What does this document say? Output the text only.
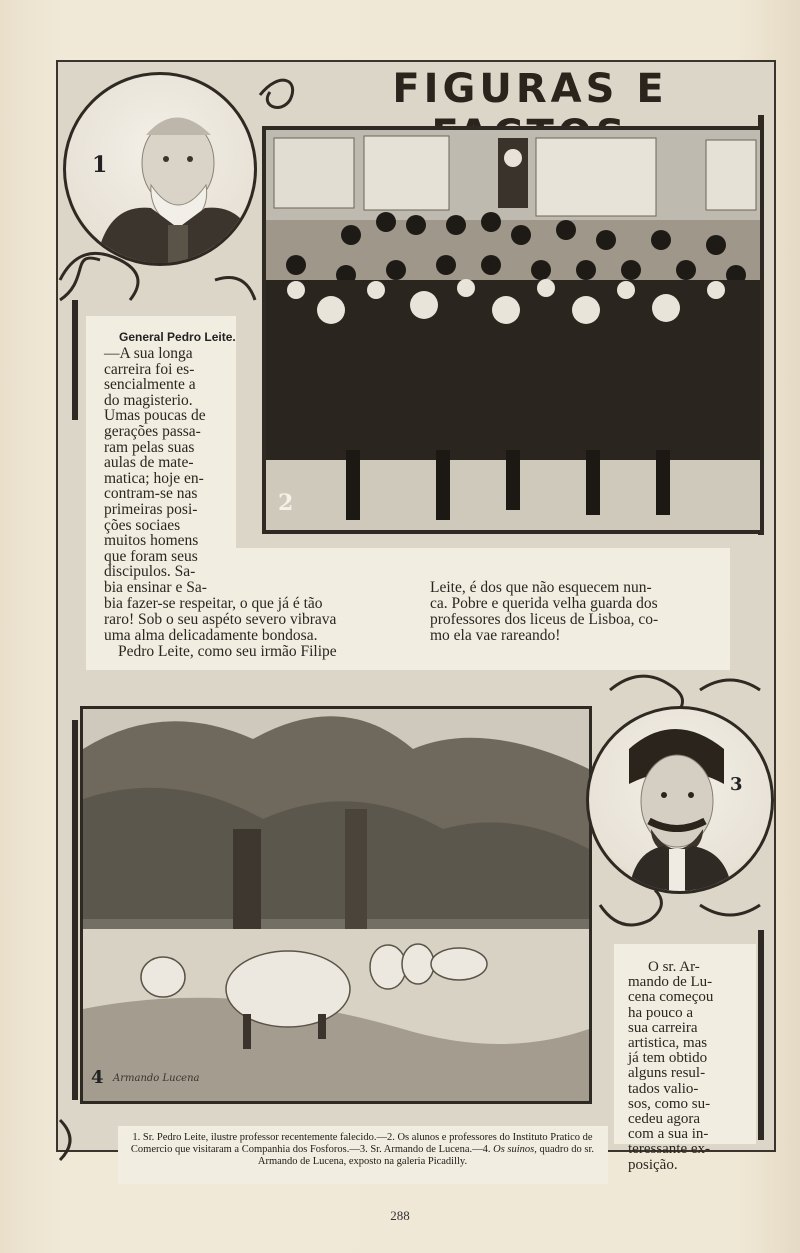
FIGURAS E
1
2
General Pedro Leite.
—A sua longa
carreira foi es-
sencialmente a
do magisterio.
Umas poucas de
gerações passa-
ram pelas suas
aulas de mate-
matica; hoje en-
contram-se nas
primeiras posi-
ções sociaes
muitos homens
que foram seus
discipulos. Sa-
bia ensinar e Sa-
bia fazer-se respeitar, o que já é tão
raro! Sob o seu aspéto severo vibrava
uma alma delicadamente bondosa.
Pedro Leite, como seu irmão Filipe
Leite, é dos que não esquecem nun-
ca. Pobre e querida velha guarda dos
professores dos liceus de Lisboa, co-
mo ela vae rareando!
4 Armando Lucena
3
O sr. Ar-
mando de Lu-
cena começou
ha pouco a
sua carreira
artistica, mas
já tem obtido
alguns resul-
tados valio-
sos, como su-
cedeu agora
com a sua in-
teressante ex-
posição.
1. Sr. Pedro Leite, ilustre professor recentemente falecido.—2. Os alunos e professores do Instituto Pratico de Comercio que visitaram a Companhia dos Fosforos.—3. Sr. Armando de Lucena.—4. Os suinos, quadro do sr. Armando de Lucena, exposto na galeria Picadilly.
288
